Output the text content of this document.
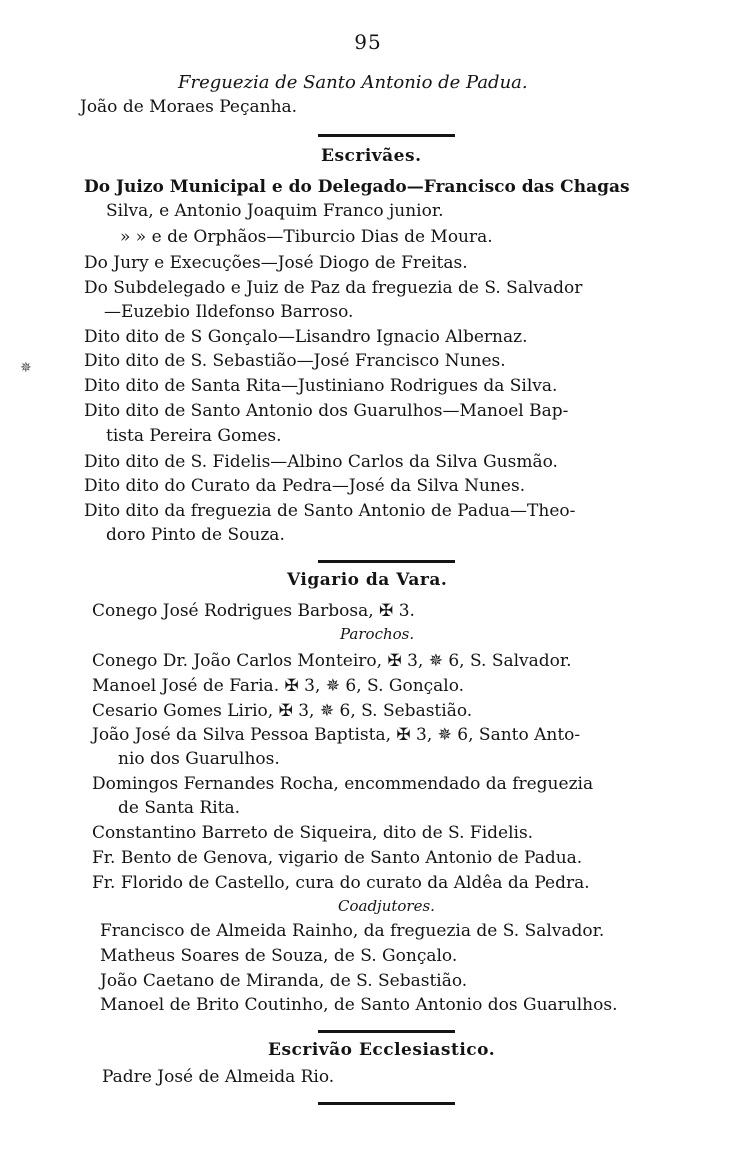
95
Freguezia de Santo Antonio de Padua.
João de Moraes Peçanha.
Escrivães.
Do Juizo Municipal e do Delegado—Francisco das Chagas
Silva, e Antonio Joaquim Franco junior.
» » e de Orphãos—Tiburcio Dias de Moura.
Do Jury e Execuções—José Diogo de Freitas.
Do Subdelegado e Juiz de Paz da freguezia de S. Salvador
—Euzebio Ildefonso Barroso.
Dito dito de S Gonçalo—Lisandro Ignacio Albernaz.
Dito dito de S. Sebastião—José Francisco Nunes.
Dito dito de Santa Rita—Justiniano Rodrigues da Silva.
Dito dito de Santo Antonio dos Guarulhos—Manoel Bap-
tista Pereira Gomes.
Dito dito de S. Fidelis—Albino Carlos da Silva Gusmão.
Dito dito do Curato da Pedra—José da Silva Nunes.
Dito dito da freguezia de Santo Antonio de Padua—Theo-
doro Pinto de Souza.
✵
Vigario da Vara.
Conego José Rodrigues Barbosa, ✠ 3.
Parochos.
Conego Dr. João Carlos Monteiro, ✠ 3, ✵ 6, S. Salvador.
Manoel José de Faria. ✠ 3, ✵ 6, S. Gonçalo.
Cesario Gomes Lirio, ✠ 3, ✵ 6, S. Sebastião.
João José da Silva Pessoa Baptista, ✠ 3, ✵ 6, Santo Anto-
nio dos Guarulhos.
Domingos Fernandes Rocha, encommendado da freguezia
de Santa Rita.
Constantino Barreto de Siqueira, dito de S. Fidelis.
Fr. Bento de Genova, vigario de Santo Antonio de Padua.
Fr. Florido de Castello, cura do curato da Aldêa da Pedra.
Coadjutores.
Francisco de Almeida Rainho, da freguezia de S. Salvador.
Matheus Soares de Souza, de S. Gonçalo.
João Caetano de Miranda, de S. Sebastião.
Manoel de Brito Coutinho, de Santo Antonio dos Guarulhos.
Escrivão Ecclesiastico.
Padre José de Almeida Rio.
